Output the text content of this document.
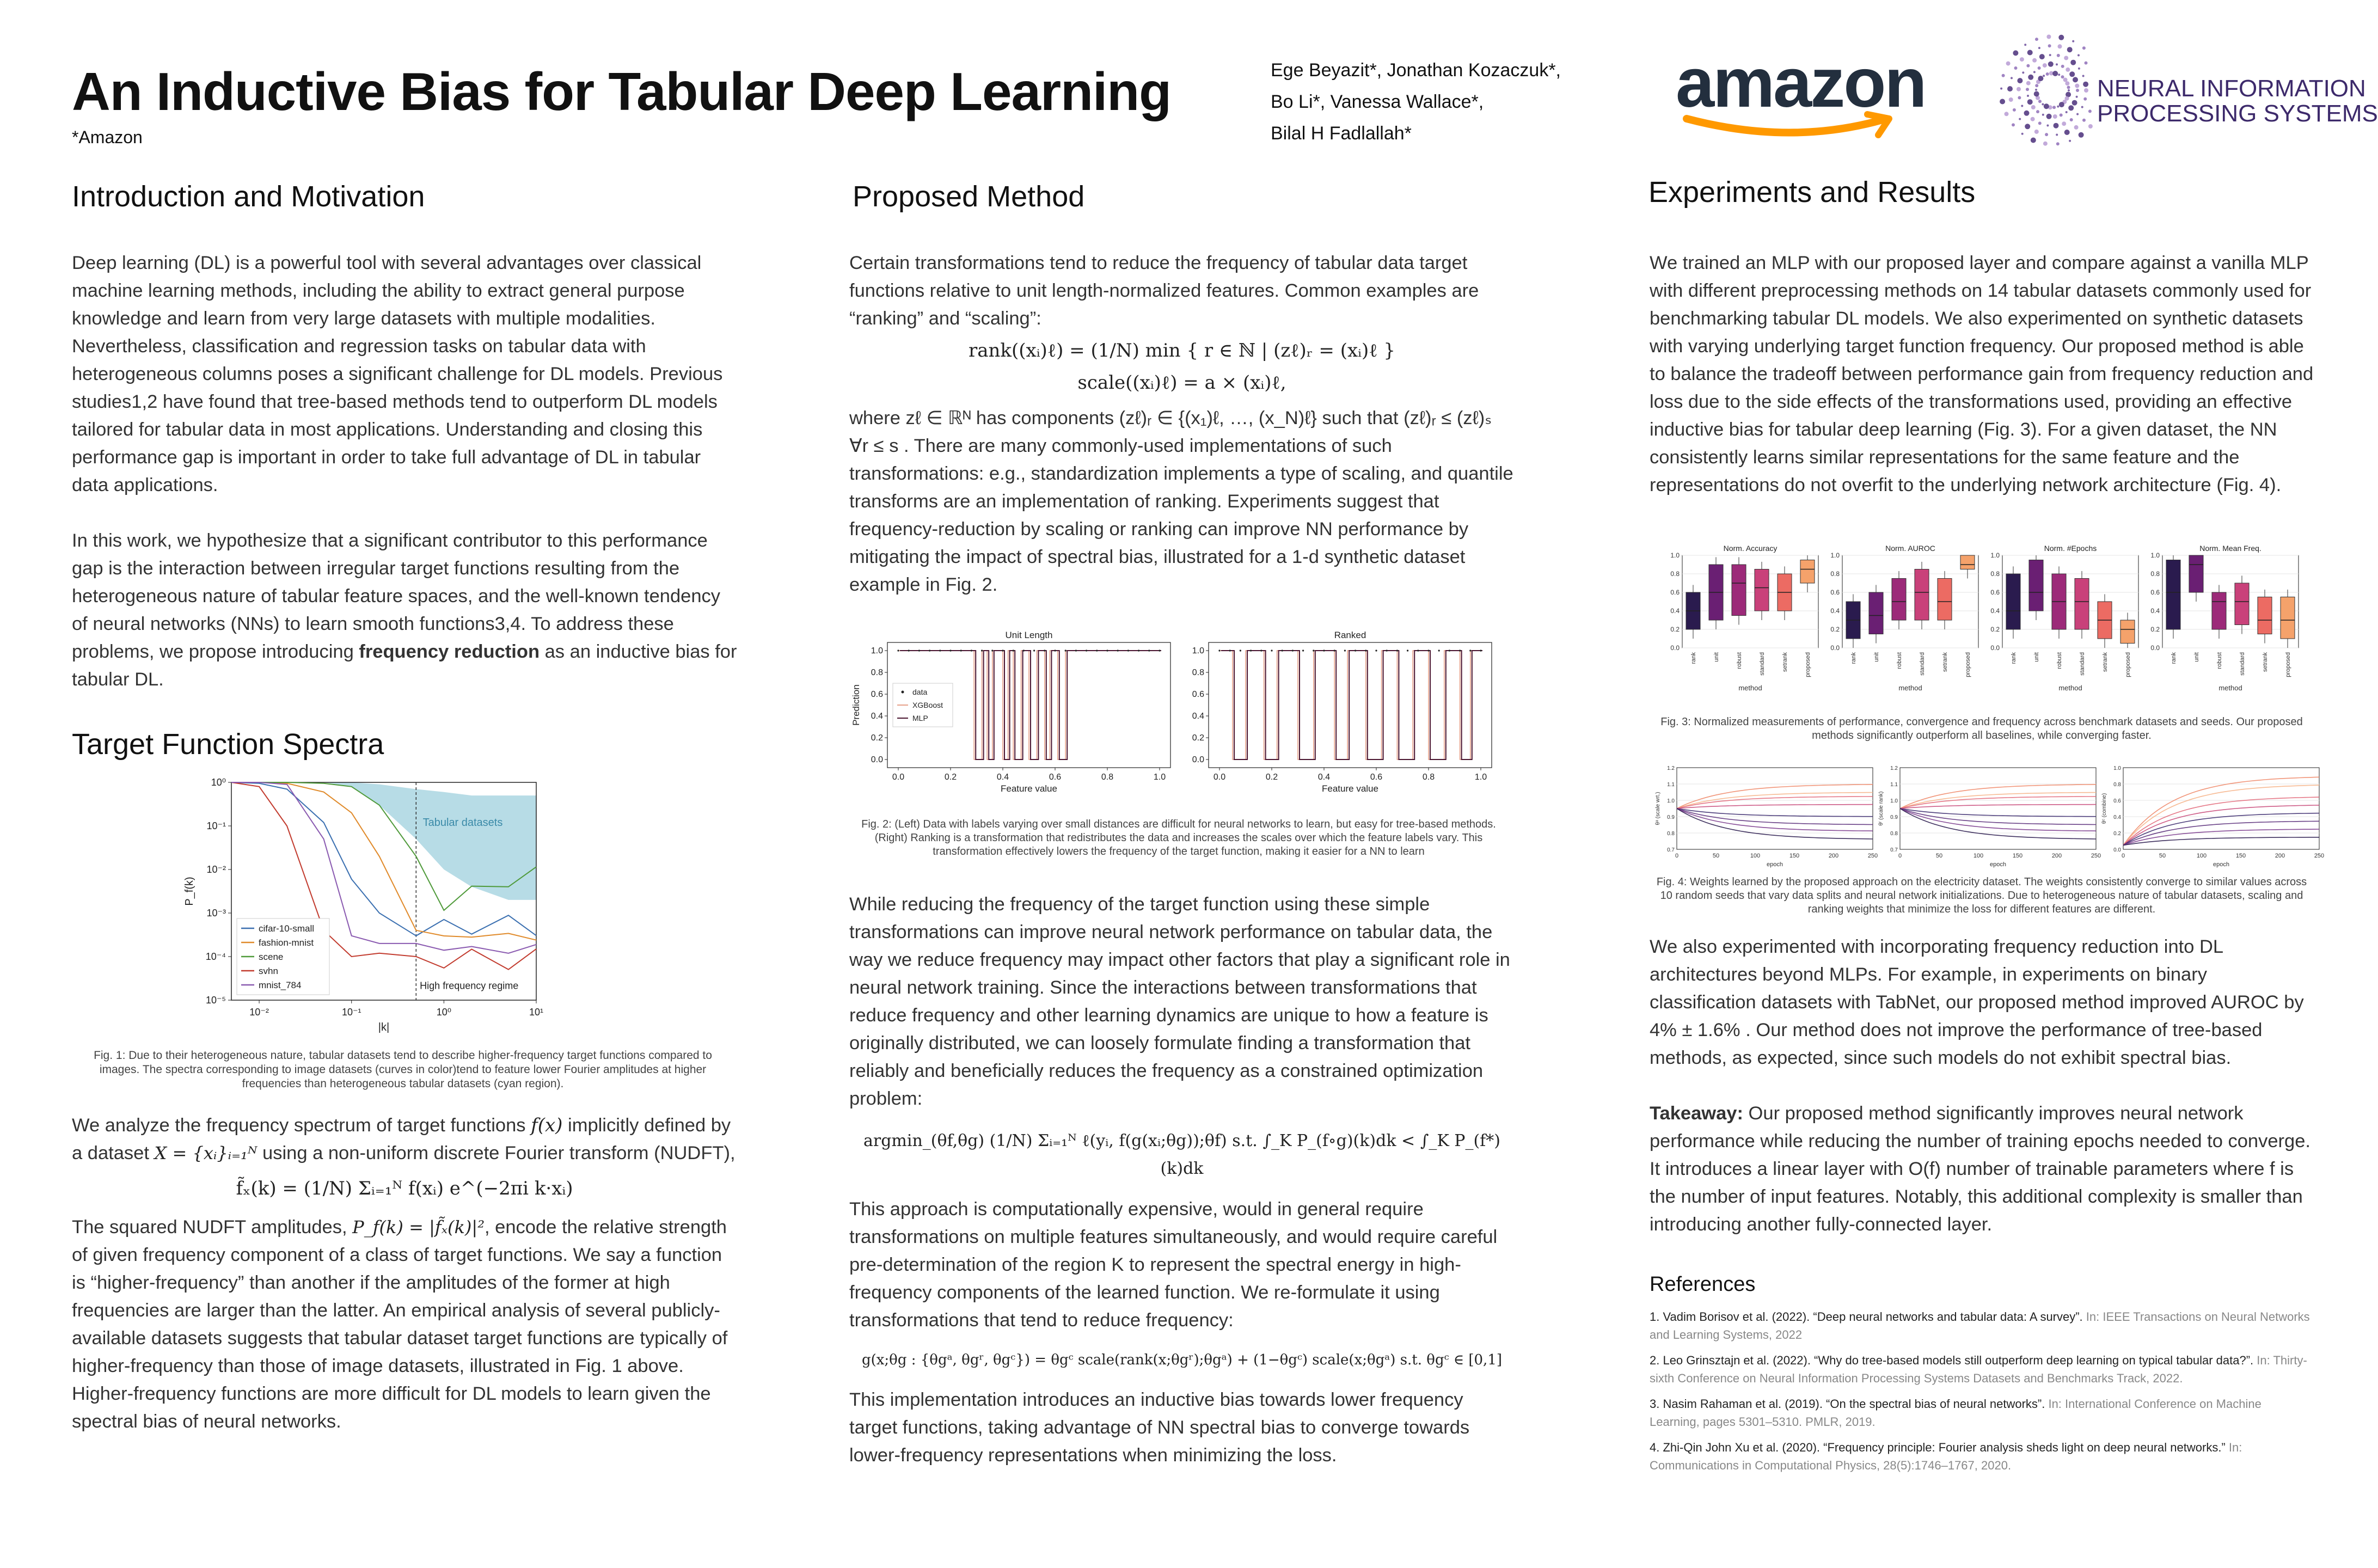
An Inductive Bias for Tabular Deep Learning
*Amazon
Ege Beyazit*, Jonathan Kozaczuk*,
Bo Li*, Vanessa Wallace*,
Bilal H Fadlallah*
amazon	NEURAL INFORMATION
PROCESSING SYSTEMS
Introduction and Motivation

Deep learning (DL) is a powerful tool with several advantages over classical machine learning methods, including the ability to extract general purpose knowledge and learn from very large datasets with multiple modalities. Nevertheless, classification and regression tasks on tabular data with heterogeneous columns poses a significant challenge for DL models. Previous studies1,2 have found that tree-based methods tend to outperform DL models tailored for tabular data in most applications. Understanding and closing this performance gap is important in order to take full advantage of DL in tabular data applications.

In this work, we hypothesize that a significant contributor to this performance gap is the interaction between irregular target functions resulting from the heterogeneous nature of tabular feature spaces, and the well-known tendency of neural networks (NNs) to learn smooth functions3,4. To address these problems, we propose introducing frequency reduction as an inductive bias for tabular DL.

Target Function Spectra
10⁻²	10⁻¹	10⁰	10¹
10⁰
10⁻¹
10⁻²
10⁻³
10⁻⁴
10⁻⁵
|k|
P_f(k)
Tabular datasets
High frequency regime
cifar-10-small
fashion-mnist
scene
svhn
mnist_784
Fig. 1: Due to their heterogeneous nature, tabular datasets tend to describe higher-frequency target functions compared to images. The spectra corresponding to image datasets (curves in color)tend to feature lower Fourier amplitudes at higher frequencies than heterogeneous tabular datasets (cyan region).
We analyze the frequency spectrum of target functions f(x) implicitly defined by a dataset X = {xᵢ}ᵢ₌₁ᴺ using a non-uniform discrete Fourier transform (NUDFT),
f̃ₓ(k) = (1/N) Σᵢ₌₁ᴺ f(xᵢ) e^(−2πi k·xᵢ)
The squared NUDFT amplitudes, P_f(k) = |f̃ₓ(k)|², encode the relative strength of given frequency component of a class of target functions. We say a function is “higher-frequency” than another if the amplitudes of the former at high frequencies are larger than the latter. An empirical analysis of several publicly-available datasets suggests that tabular dataset target functions are typically of higher-frequency than those of image datasets, illustrated in Fig. 1 above. Higher-frequency functions are more difficult for DL models to learn given the spectral bias of neural networks.
Proposed Method
Certain transformations tend to reduce the frequency of tabular data target functions relative to unit length-normalized features. Common examples are “ranking” and “scaling”:
rank((xᵢ)ℓ) = (1/N) min { r ∈ ℕ | (zℓ)ᵣ = (xᵢ)ℓ }
scale((xᵢ)ℓ) = a × (xᵢ)ℓ,
where zℓ ∈ ℝᴺ has components (zℓ)ᵣ ∈ {(x₁)ℓ, …, (x_N)ℓ} such that (zℓ)ᵣ ≤ (zℓ)ₛ ∀r ≤ s . There are many commonly-used implementations of such transformations: e.g., standardization implements a type of scaling, and quantile transforms are an implementation of ranking. Experiments suggest that frequency-reduction by scaling or ranking can improve NN performance by mitigating the impact of spectral bias, illustrated for a 1-d synthetic dataset example in Fig. 2.
Unit Length
0.0	0.2	0.4	0.6	0.8	1.0
0.0
0.2
0.4
0.6
0.8
1.0
Feature value
Prediction	data
XGBoost
MLP
Ranked
0.0	0.2	0.4	0.6	0.8	1.0
0.0
0.2
0.4
0.6
0.8
1.0
Feature value
Fig. 2: (Left) Data with labels varying over small distances are difficult for neural networks to learn, but easy for tree-based methods. (Right) Ranking is a transformation that redistributes the data and increases the scales over which the feature labels vary. This transformation effectively lowers the frequency of the target function, making it easier for a NN to learn
While reducing the frequency of the target function using these simple transformations can improve neural network performance on tabular data, the way we reduce frequency may impact other factors that play a significant role in neural network training. Since the interactions between transformations that reduce frequency and other learning dynamics are unique to how a feature is originally distributed, we can loosely formulate finding a transformation that reliably and beneficially reduces the frequency as a constrained optimization problem:
argmin_(θf,θg) (1/N) Σᵢ₌₁ᴺ ℓ(yᵢ, f(g(xᵢ;θg));θf) s.t. ∫_K P_(f∘g)(k)dk < ∫_K P_(f*)(k)dk
This approach is computationally expensive, would in general require transformations on multiple features simultaneously, and would require careful pre-determination of the region K to represent the spectral energy in high-frequency components of the learned function. We re-formulate it using transformations that tend to reduce frequency:
g(x;θg : {θgᵃ, θgʳ, θgᶜ}) = θgᶜ scale(rank(x;θgʳ);θgᵃ) + (1−θgᶜ) scale(x;θgᵃ) s.t. θgᶜ ∈ [0,1]
This implementation introduces an inductive bias towards lower frequency target functions, taking advantage of NN spectral bias to converge towards lower-frequency representations when minimizing the loss.
Experiments and Results
We trained an MLP with our proposed layer and compare against a vanilla MLP with different preprocessing methods on 14 tabular datasets commonly used for benchmarking tabular DL models. We also experimented on synthetic datasets with varying underlying target function frequency. Our proposed method is able to balance the tradeoff between performance gain from frequency reduction and loss due to the side effects of the transformations used, providing an effective inductive bias for tabular deep learning (Fig. 3). For a given dataset, the NN consistently learns similar representations for the same feature and the representations do not overfit to the underlying network architecture (Fig. 4).
Norm. Accuracy
rank	unit	robust	standard	setrank	proposed
0.0
0.2
0.4
0.6
0.8
1.0
method
Norm. AUROC
rank	unit	robust	standard	setrank	proposed
0.0
0.2
0.4
0.6
0.8
1.0
method
Norm. #Epochs
rank	unit	robust	standard	setrank	proposed
0.0
0.2
0.4
0.6
0.8
1.0
method
Norm. Mean Freq.
rank	unit	robust	standard	setrank	proposed
0.0
0.2
0.4
0.6
0.8
1.0
method
Fig. 3: Normalized measurements of performance, convergence and frequency across benchmark datasets and seeds. Our proposed methods significantly outperform all baselines, while converging faster.
1.2
1.1
1.0
0.9
0.8
0.7
0	50	100	150	200	250
epoch
θᵃ (scale wrt.)
1.2
1.1
1.0
0.9
0.8
0.7
0	50	100	150	200	250
epoch
θʳ (scale rank)
1.0
0.8
0.6
0.4
0.2
0.0
0	50	100	150	200	250
epoch
θᶜ (combine)
Fig. 4: Weights learned by the proposed approach on the electricity dataset. The weights consistently converge to similar values across 10 random seeds that vary data splits and neural network initializations. Due to heterogeneous nature of tabular datasets, scaling and ranking weights that minimize the loss for different features are different.

We also experimented with incorporating frequency reduction into DL architectures beyond MLPs. For example, in experiments on binary classification datasets with TabNet, our proposed method improved AUROC by 4% ± 1.6% . Our method does not improve the performance of tree-based methods, as expected, since such models do not exhibit spectral bias.

Takeaway: Our proposed method significantly improves neural network performance while reducing the number of training epochs needed to converge. It introduces a linear layer with O(f) number of trainable parameters where f is the number of input features. Notably, this additional complexity is smaller than introducing another fully-connected layer.

References
1. Vadim Borisov et al. (2022). “Deep neural networks and tabular data: A survey”. In: IEEE Transactions on Neural Networks and Learning Systems, 2022
2. Leo Grinsztajn et al. (2022). “Why do tree-based models still outperform deep learning on typical tabular data?”. In: Thirty-sixth Conference on Neural Information Processing Systems Datasets and Benchmarks Track, 2022.
3. Nasim Rahaman et al. (2019). “On the spectral bias of neural networks”. In: International Conference on Machine Learning, pages 5301–5310. PMLR, 2019.
4. Zhi-Qin John Xu et al. (2020). “Frequency principle: Fourier analysis sheds light on deep neural networks.” In: Communications in Computational Physics, 28(5):1746–1767, 2020.
